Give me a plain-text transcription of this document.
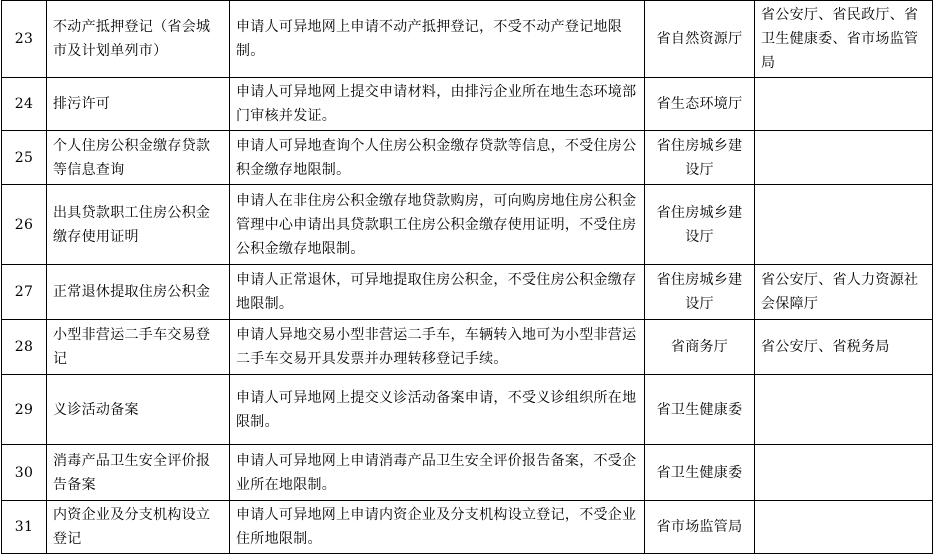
23	不动产抵押登记（省会城市及计划单列市）	申请人可异地网上申请不动产抵押登记，不受不动产登记地限制。	省自然资源厅	省公安厅、省民政厅、省卫生健康委、省市场监管局
24	排污许可	申请人可异地网上提交申请材料，由排污企业所在地生态环境部门审核并发证。	省生态环境厅	
25	个人住房公积金缴存贷款等信息查询	申请人可异地查询个人住房公积金缴存贷款等信息，不受住房公积金缴存地限制。	省住房城乡建设厅	
26	出具贷款职工住房公积金缴存使用证明	申请人在非住房公积金缴存地贷款购房，可向购房地住房公积金管理中心申请出具贷款职工住房公积金缴存使用证明，不受住房公积金缴存地限制。	省住房城乡建设厅	
27	正常退休提取住房公积金	申请人正常退休，可异地提取住房公积金，不受住房公积金缴存地限制。	省住房城乡建设厅	省公安厅、省人力资源社会保障厅
28	小型非营运二手车交易登记	申请人异地交易小型非营运二手车，车辆转入地可为小型非营运二手车交易开具发票并办理转移登记手续。	省商务厅	省公安厅、省税务局
29	义诊活动备案	申请人可异地网上提交义诊活动备案申请，不受义诊组织所在地限制。	省卫生健康委	
30	消毒产品卫生安全评价报告备案	申请人可异地网上申请消毒产品卫生安全评价报告备案，不受企业所在地限制。	省卫生健康委	
31	内资企业及分支机构设立登记	申请人可异地网上申请内资企业及分支机构设立登记，不受企业住所地限制。	省市场监管局	
